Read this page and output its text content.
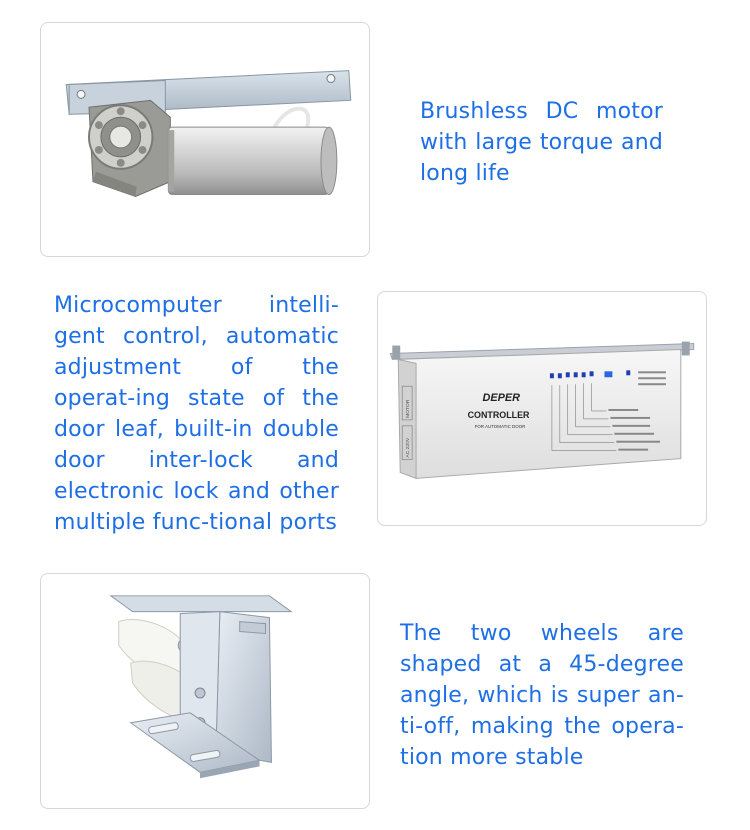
Brushless DC motor with large torque and long life

Microcomputer intelli-gent control, automatic adjustment of the operat-ing state of the door leaf, built-in double door inter-lock and electronic lock and other multiple func-tional ports

MOTOR
AC 220V
DEPER
CONTROLLER
FOR AUTOMATIC DOOR

The two wheels are shaped at a 45-degree angle, which is super an-ti-off, making the opera-tion more stable
